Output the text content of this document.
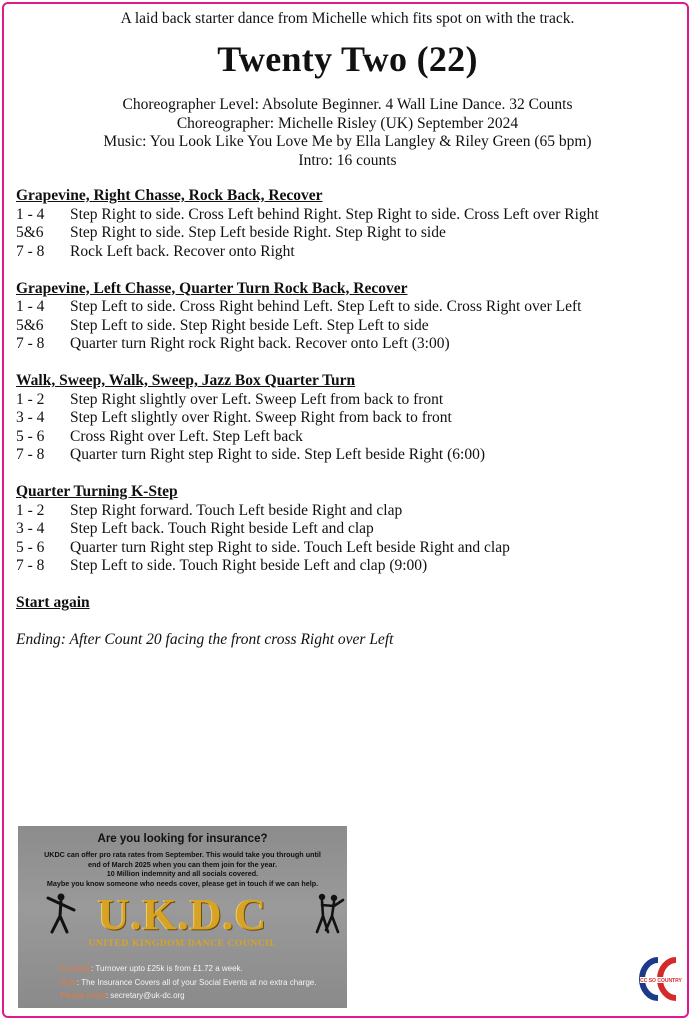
A laid back starter dance from Michelle which fits spot on with the track.
Twenty Two (22)
Choreographer Level: Absolute Beginner. 4 Wall Line Dance. 32 Counts
Choreographer: Michelle Risley (UK) September 2024
Music: You Look Like You Love Me by Ella Langley & Riley Green (65 bpm)
Intro: 16 counts
Grapevine, Right Chasse, Rock Back, Recover
1 - 4	Step Right to side. Cross Left behind Right. Step Right to side. Cross Left over Right
5&6	Step Right to side. Step Left beside Right. Step Right to side
7 - 8	Rock Left back. Recover onto Right
Grapevine, Left Chasse, Quarter Turn Rock Back, Recover
1 - 4	Step Left to side. Cross Right behind Left. Step Left to side. Cross Right over Left
5&6	Step Left to side. Step Right beside Left. Step Left to side
7 - 8	Quarter turn Right rock Right back. Recover onto Left (3:00)
Walk, Sweep, Walk, Sweep, Jazz Box Quarter Turn
1 - 2	Step Right slightly over Left. Sweep Left from back to front
3 - 4	Step Left slightly over Right. Sweep Right from back to front
5 - 6	Cross Right over Left. Step Left back
7 - 8	Quarter turn Right step Right to side. Step Left beside Right (6:00)
Quarter Turning K-Step
1 - 2	Step Right forward. Touch Left beside Right and clap
3 - 4	Step Left back. Touch Right beside Left and clap
5 - 6	Quarter turn Right step Right to side. Touch Left beside Right and clap
7 - 8	Step Left to side. Touch Right beside Left and clap (9:00)
Start again
Ending: After Count 20 facing the front cross Right over Left
Are you looking for insurance?
UKDC can offer pro rata rates from September. This would take you through until
end of March 2025 when you can them join for the year.
10 Million indemnity and all socials covered.
Maybe you know someone who needs cover, please get in touch if we can help.
U.K.D.C
UNITED KINGDOM DANCE COUNCIL
Example: Turnover upto £25k is from £1.72 a week.
Note: The Insurance Covers all of your Social Events at no extra charge.
Please email: secretary@uk-dc.org
CC SO COUNTRY
